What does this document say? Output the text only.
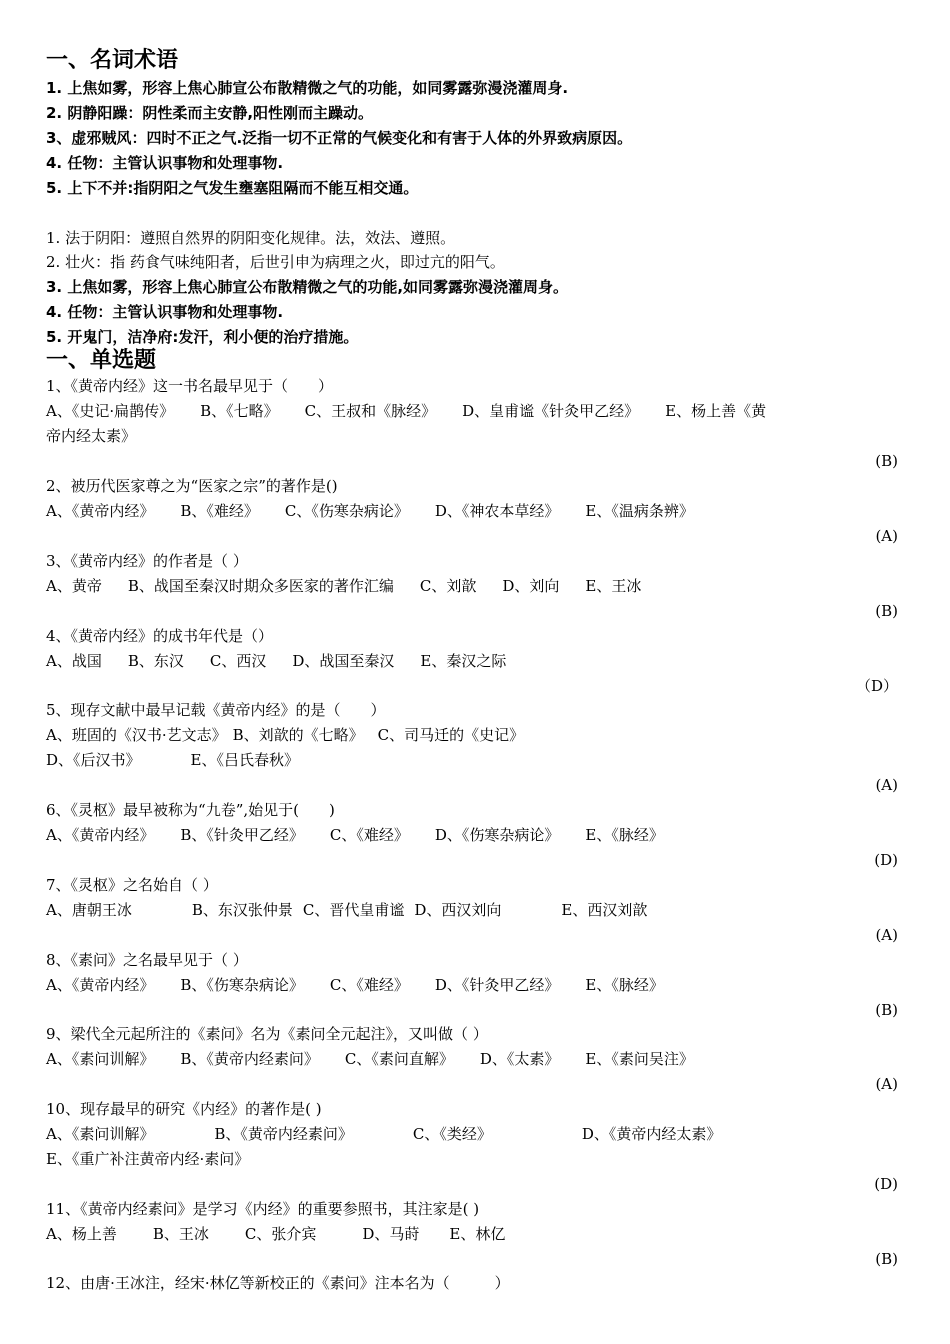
一、名词术语
1. 上焦如雾，形容上焦心肺宣公布散精微之气的功能，如同雾露弥漫浇灌周身.
2. 阴静阳躁：阴性柔而主安静,阳性刚而主躁动。
3、虚邪贼风：四时不正之气.泛指一切不正常的气候变化和有害于人体的外界致病原因。
4. 任物：主管认识事物和处理事物.
5. 上下不并:指阴阳之气发生壅塞阻隔而不能互相交通。
1. 法于阴阳：遵照自然界的阴阳变化规律。法，效法、遵照。
2. 壮火：指 药食气味纯阳者，后世引申为病理之火，即过亢的阳气。
3. 上焦如雾，形容上焦心肺宣公布散精微之气的功能,如同雾露弥漫浇灌周身。
4. 任物：主管认识事物和处理事物.
5. 开鬼门，洁净府:发汗，利小便的治疗措施。
一、单选题
1、《黄帝内经》这一书名最早见于（　　）
A、《史记·扁鹊传》 B、《七略》 C、王叔和《脉经》 D、皇甫谧《针灸甲乙经》 E、杨上善《黄
帝内经太素》
(B)
2、被历代医家尊之为“医家之宗”的著作是()
A、《黄帝内经》 B、《难经》 C、《伤寒杂病论》 D、《神农本草经》 E、《温病条辨》
(A)
3、《黄帝内经》的作者是（ ）
A、黄帝 B、战国至秦汉时期众多医家的著作汇编 C、刘歆 D、刘向 E、王冰
(B)
4、《黄帝内经》的成书年代是（）
A、战国 B、东汉 C、西汉 D、战国至秦汉 E、秦汉之际
（D）
5、现存文献中最早记载《黄帝内经》的是（　　）
A、班固的《汉书·艺文志》 B、刘歆的《七略》 C、司马迁的《史记》
D、《后汉书》	E、《吕氏春秋》
(A)
6、《灵枢》最早被称为“九卷”,始见于(　　)
A、《黄帝内经》 B、《针灸甲乙经》 C、《难经》 D、《伤寒杂病论》 E、《脉经》
(D)
7、《灵枢》之名始自（ ）
A、唐朝王冰	B、东汉张仲景 C、晋代皇甫谧 D、西汉刘向	E、西汉刘歆
(A)
8、《素问》之名最早见于（ ）
A、《黄帝内经》 B、《伤寒杂病论》 C、《难经》 D、《针灸甲乙经》 E、《脉经》
(B)
9、梁代全元起所注的《素问》名为《素问全元起注》，又叫做（ ）
A、《素问训解》 B、《黄帝内经素问》 C、《素问直解》 D、《太素》 E、《素问吴注》
(A)
10、现存最早的研究《内经》的著作是( )
A、《素问训解》	B、《黄帝内经素问》	C、《类经》	D、《黄帝内经太素》
E、《重广补注黄帝内经·素问》
(D)
11、《黄帝内经素问》是学习《内经》的重要参照书，其注家是( )
A、杨上善 B、王冰 C、张介宾	D、马莳 E、林亿
(B)
12、由唐·王冰注，经宋·林亿等新校正的《素问》注本名为（　　　）
